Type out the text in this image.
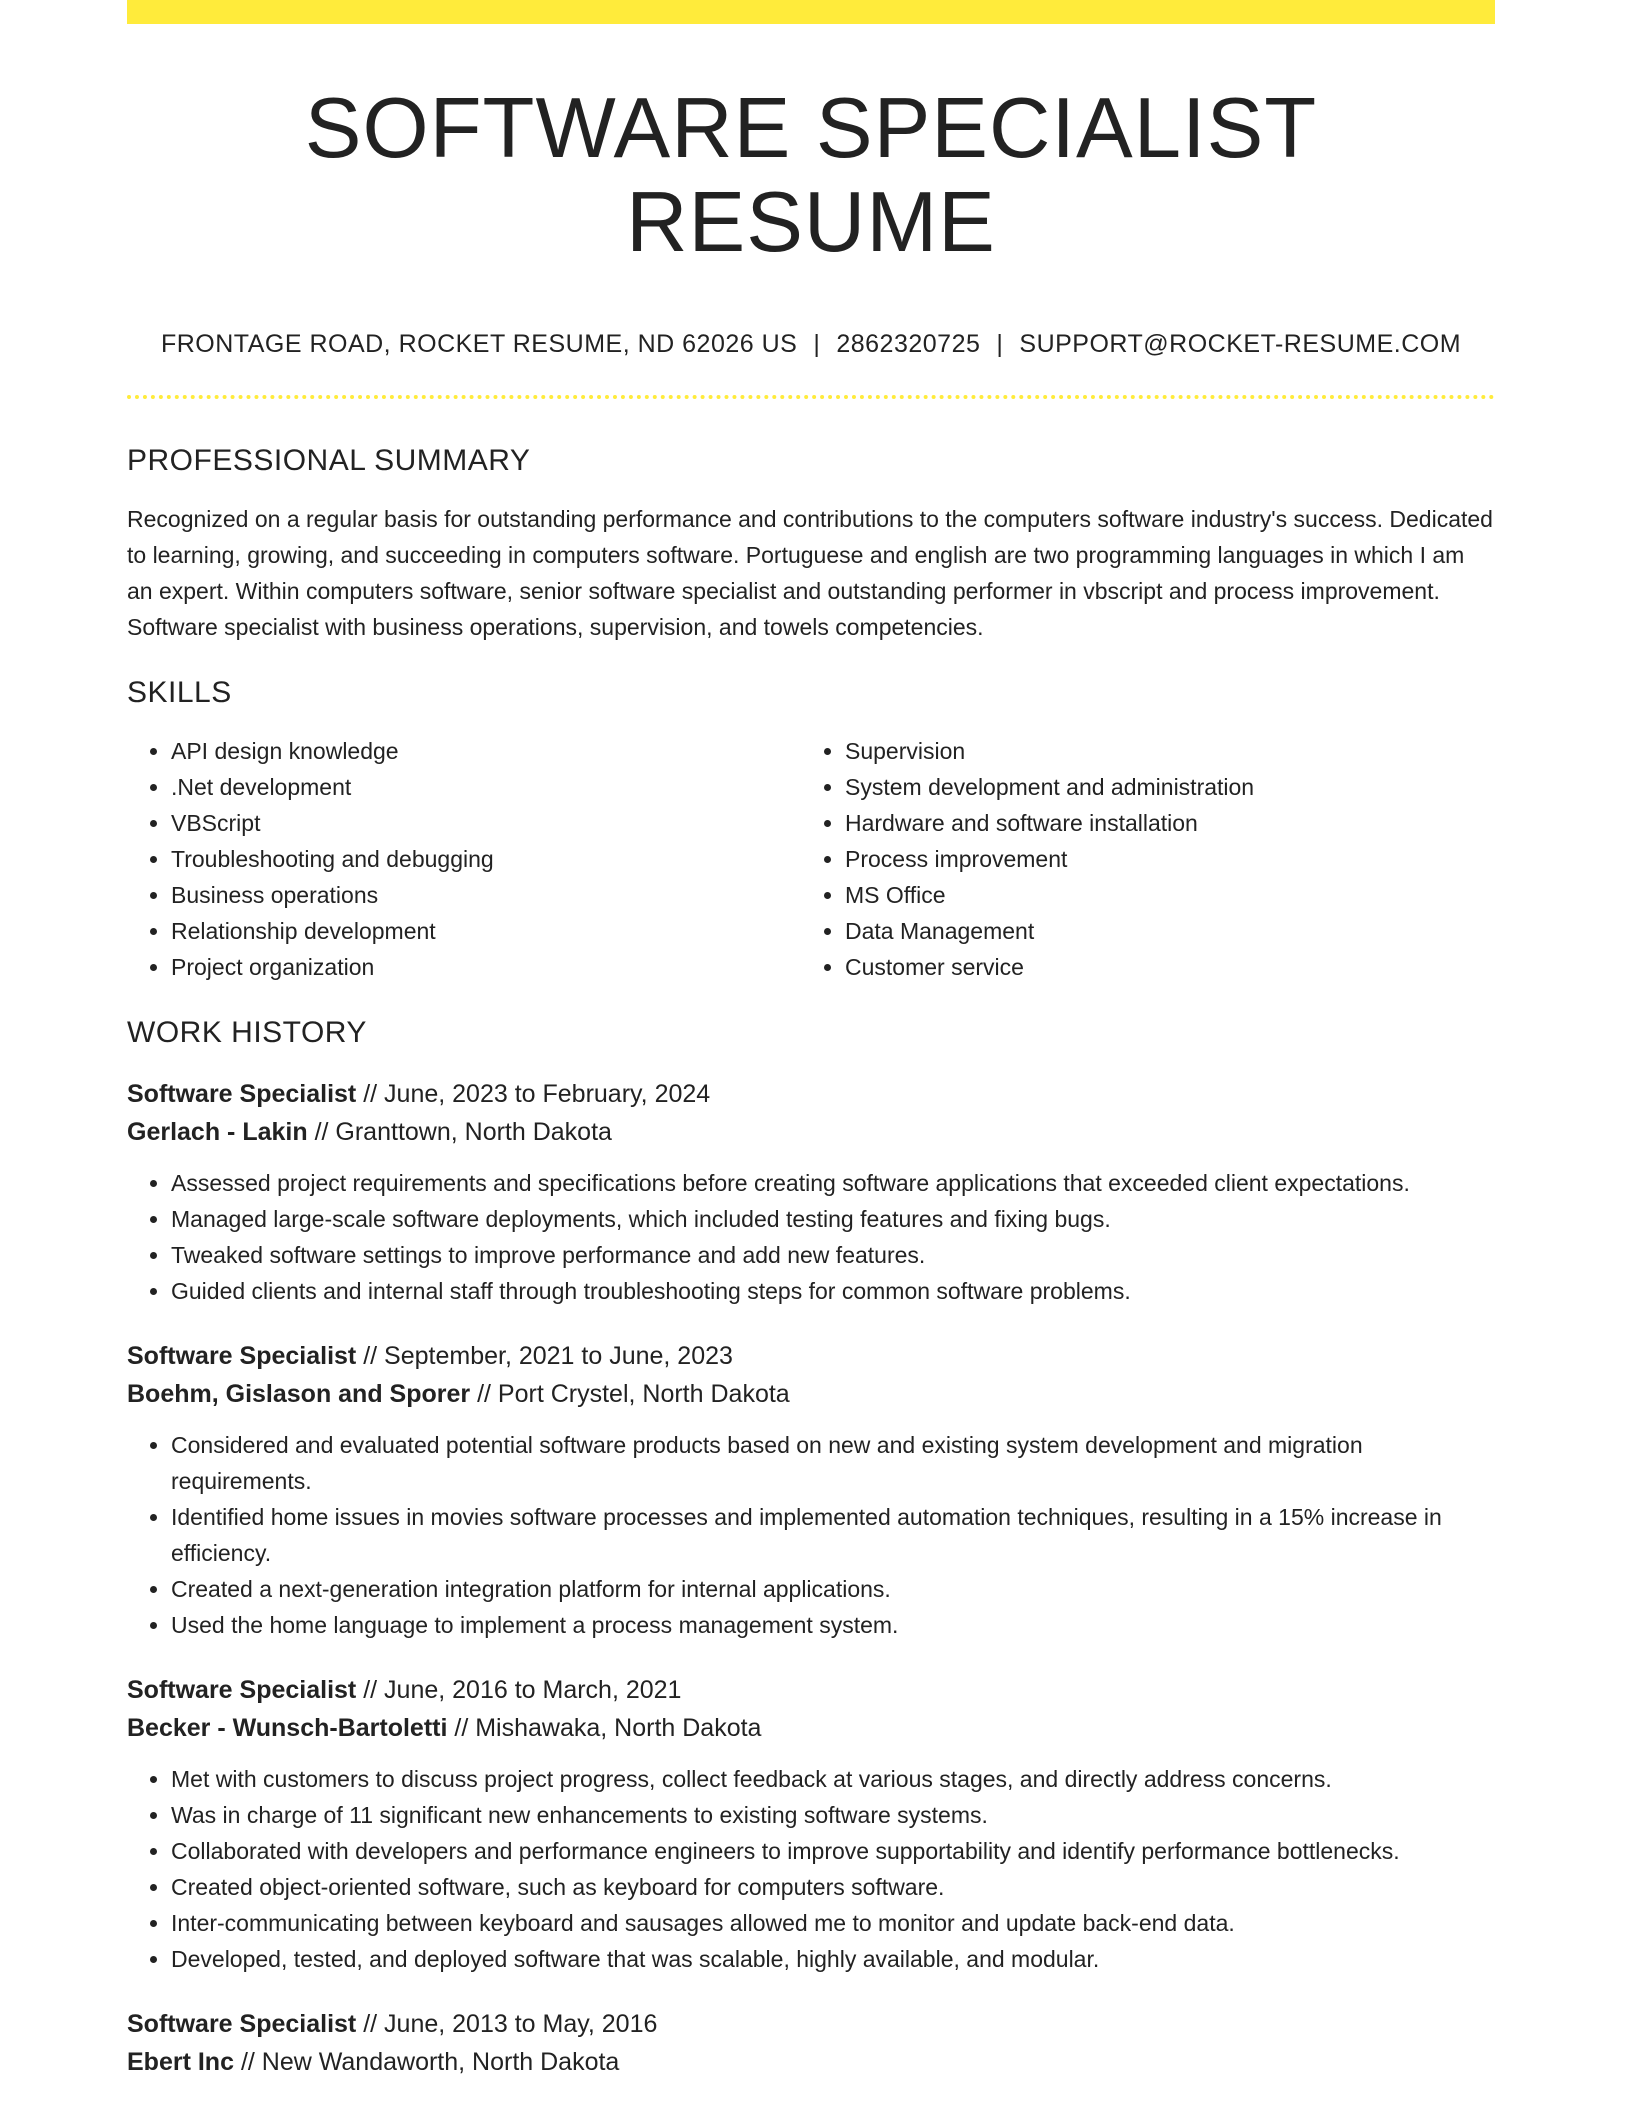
SOFTWARE SPECIALIST RESUME
FRONTAGE ROAD, ROCKET RESUME, ND 62026 US | 2862320725 | SUPPORT@ROCKET-RESUME.COM
PROFESSIONAL SUMMARY

Recognized on a regular basis for outstanding performance and contributions to the computers software industry's success. Dedicated to learning, growing, and succeeding in computers software. Portuguese and english are two programming languages in which I am an expert. Within computers software, senior software specialist and outstanding performer in vbscript and process improvement. Software specialist with business operations, supervision, and towels competencies.

SKILLS
• API design knowledge
• .Net development
• VBScript
• Troubleshooting and debugging
• Business operations
• Relationship development
• Project organization
• Supervision
• System development and administration
• Hardware and software installation
• Process improvement
• MS Office
• Data Management
• Customer service
WORK HISTORY
Software Specialist // June, 2023 to February, 2024
Gerlach - Lakin // Granttown, North Dakota
• Assessed project requirements and specifications before creating software applications that exceeded client expectations.
• Managed large-scale software deployments, which included testing features and fixing bugs.
• Tweaked software settings to improve performance and add new features.
• Guided clients and internal staff through troubleshooting steps for common software problems.
Software Specialist // September, 2021 to June, 2023
Boehm, Gislason and Sporer // Port Crystel, North Dakota
• Considered and evaluated potential software products based on new and existing system development and migration requirements.
• Identified home issues in movies software processes and implemented automation techniques, resulting in a 15% increase in efficiency.
• Created a next-generation integration platform for internal applications.
• Used the home language to implement a process management system.
Software Specialist // June, 2016 to March, 2021
Becker - Wunsch-Bartoletti // Mishawaka, North Dakota
• Met with customers to discuss project progress, collect feedback at various stages, and directly address concerns.
• Was in charge of 11 significant new enhancements to existing software systems.
• Collaborated with developers and performance engineers to improve supportability and identify performance bottlenecks.
• Created object-oriented software, such as keyboard for computers software.
• Inter-communicating between keyboard and sausages allowed me to monitor and update back-end data.
• Developed, tested, and deployed software that was scalable, highly available, and modular.
Software Specialist // June, 2013 to May, 2016
Ebert Inc // New Wandaworth, North Dakota
